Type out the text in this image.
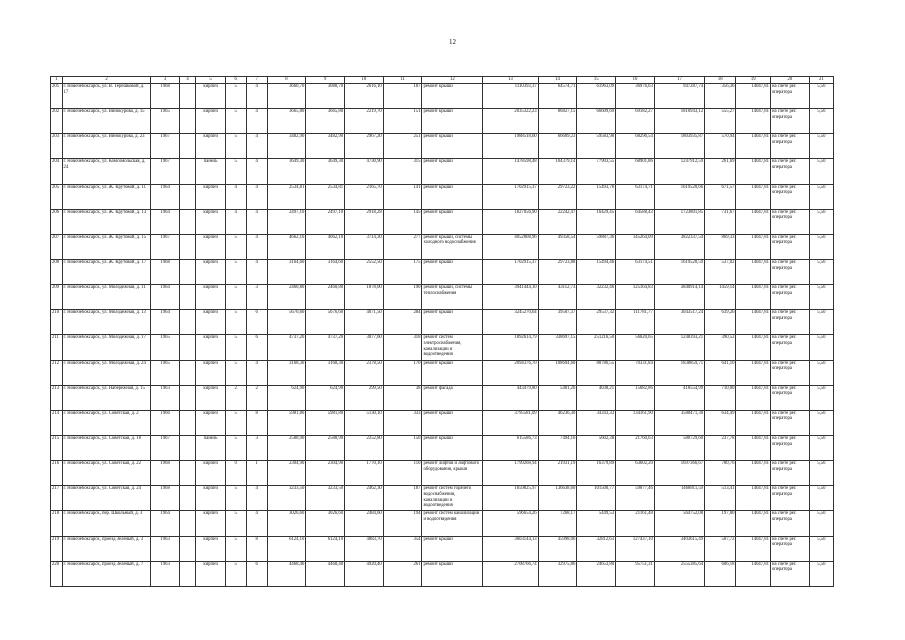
12
1	2	3	4	5	6	7	8	9	10	11	12	13	14	15	16	17	18	19	20	21
201	г. Новочебоксарск, ул. В. Терешковой, д. 17	1968		кирпич	5	4	3660,70	3088,70	2616,10	187	ремонт крыши	1110393,37	64574,71	61963,09	36976,63	947287,74	356,36	14047,81	на счете рег. оператора	5,50
202	г. Новочебоксарск, ул. Винокурова, д. 15	1965		кирпич	5	4	3665,80	3665,80	2219,70	151	ремонт крыши	2035322,23	86827,15	66609,69	69182,27	1810943,12	555,27	14047,81	на счете рег. оператора	5,50
203	г. Новочебоксарск, ул. Винокурова, д. 23	1967		кирпич	5	4	3482,90	3482,90	2967,20	251	ремонт крыши	1988518,60	66609,23	59583,98	68296,54	1803935,87	570,94	14047,81	на счете рег. оператора	5,50
204	г. Новочебоксарск, ул. Комсомольская, д. 24	1967		панель	5	4	3649,30	3649,30	4730,90	315	ремонт крыши	1478598,48	104379,14	77903,55	68901,86	1247912,59	261,69	14047,81	на счете рег. оператора	5,50
205	г. Новочебоксарск, ул. Ж. Крутовой, д. 11	1964		кирпич	4	4	2534,81	2534,81	2165,70	141	ремонт крыши	1702915,37	29723,22	15493,78	63174,71	1619520,66	671,57	14047,81	на счете рег. оператора	5,50
206	г. Новочебоксарск, ул. Ж. Крутовой, д. 13	1964		кирпич	4	4	2497,10	2497,10	2918,28	145	ремонт крыши	1827056,90	22242,47	16429,45	64588,43	1723801,85	731,67	14047,81	на счете рег. оператора	5,50
207	г. Новочебоксарск, ул. Ж. Крутовой, д. 15	1967		кирпич	5	4	4662,10	4662,10	3714,30	277	ремонт крыши, системы холодного водоснабжения	4052808,96	49358,54	59887,36	145264,09	3822337,54	869,33	14047,81	на счете рег. оператора	5,50
208	г. Новочебоксарск, ул. Ж. Крутовой, д. 17	1968		кирпич	5	4	3164,60	3164,60	2552,50	175	ремонт крыши	1702915,37	29723,88	15494,46	63174,51	1619520,59	537,02	14047,81	на счете рег. оператора	5,50
209	г. Новочебоксарск, ул. Молодежная, д. 11	1964		кирпич	5	3	2460,80	2460,80	1878,00	190	ремонт крыши, системы теплоснабжения	3941444,10	43112,73	32232,46	125164,83	3840914,14	1459,14	14047,81	на счете рег. оператора	5,50
210	г. Новочебоксарск, ул. Молодежная, д. 13	1964		кирпич	5	6	5676,60	5676,60	4071,50	284	ремонт крыши	3245270,64	39507,37	29537,32	111781,77	3043517,24	639,26	14047,81	на счете рег. оператора	5,50
211	г. Новочебоксарск, ул. Молодежная, д. 17	1965		кирпич	5	6	4737,20	4737,20	3877,60	318	ремонт систем электроснабжения, канализации и водоотведения	1892614,79	338697,15	251216,50	56620,65	1248393,21	390,52	14047,81	на счете рег. оператора	5,50
212	г. Новочебоксарск, ул. Молодежная, д. 24	1965		кирпич	5	4	3168,30	3168,30	2378,50	170	ремонт крыши	2094376,70	108694,60	80786,55	70331,84	1838859,71	641,10	14047,81	на счете рег. оператора	5,50
213	г. Новочебоксарск, ул. Набережная, д. 15	1963		кирпич	2	2	624,90	624,90	299,50	38	ремонт фасада	443479,80	5401,26	4038,21	15682,86	418554,99	710,00	14047,81	на счете рег. оператора	5,50
214	г. Новочебоксарск, ул. Советская, д. 2	1966		кирпич	5	8	5981,80	5981,80	5130,10	333	ремонт крыши	3795581,09	46236,30	34343,33	134161,90	3580471,30	634,49	14047,81	на счете рег. оператора	5,50
215	г. Новочебоксарск, ул. Советская, д. 18	1967		панель	5	3	2588,90	2588,90	2252,80	150	ремонт крыши	615586,73	7494,16	5602,38	21760,63	580729,60	237,78	14047,81	на счете рег. оператора	5,50
216	г. Новочебоксарск, ул. Советская, д. 22	1968		кирпич	9	1	2304,90	2304,90	1770,10	110	ремонт лифтов и лифтового оборудования, крыши	1799268,94	21931,19	16379,89	63602,20	1697366,67	780,76	14047,81	на счете рег. оператора	5,50
217	г. Новочебоксарск, ул. Советская, д. 24	1968		кирпич	5	4	3233,50	3233,50	2462,30	187	ремонт систем горячего водоснабжения, канализации и водоотведения	1659825,97	136638,60	101500,77	59077,46	1468811,59	513,41	14047,81	на счете рег. оператора	5,50
218	г. Новочебоксарск, пер. Школьный, д. 3	1964		кирпич	5	4	3026,60	3026,60	2484,60	194	ремонт систем канализации и водоотведения	596654,26	7268,17	5449,53	21161,48	564752,08	197,80	14047,81	на счете рег. оператора	5,50
219	г. Новочебоксарск, проезд Зелёный, д. 3	1963		кирпич	5	8	6124,10	6124,10	4883,70	354	ремонт крыши	3603144,13	45998,06	32812,63	127437,10	3403615,49	587,72	14047,81	на счете рег. оператора	5,50
220	г. Новочебоксарск, проезд Зелёный, д. 7	1963		кирпич	5	6	4468,40	4468,40	4920,40	261	ремонт крыши	2708766,74	32975,86	24653,80	95751,31	2555385,64	606,18	14047,81	на счете рег. оператора	5,50
